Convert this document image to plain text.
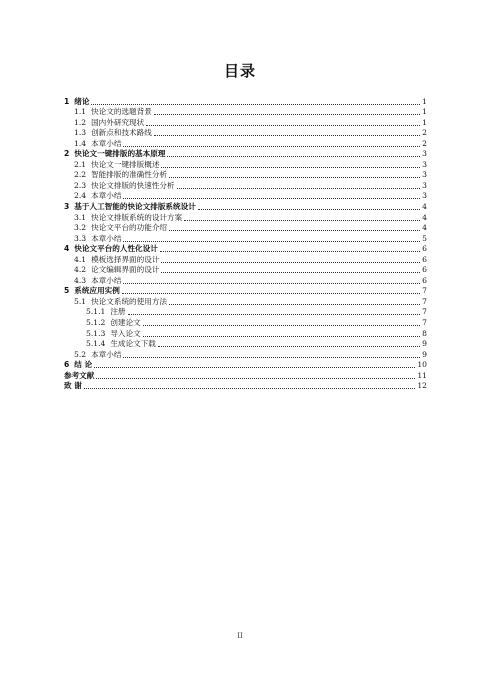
目录
1 绪论	1
1.1 快论文的选题背景	1
1.2 国内外研究现状	1
1.3 创新点和技术路线	2
1.4 本章小结	2
2 快论文一键排版的基本原理	3
2.1 快论文一键排版概述	3
2.2 智能排版的准确性分析	3
2.3 快论文排版的快速性分析	3
2.4 本章小结	3
3 基于人工智能的快论文排版系统设计	4
3.1 快论文排版系统的设计方案	4
3.2 快论文平台的功能介绍	4
3.3 本章小结	5
4 快论文平台的人性化设计	6
4.1 模板选择界面的设计	6
4.2 论文编辑界面的设计	6
4.3 本章小结	6
5 系统应用实例	7
5.1 快论文系统的使用方法	7
5.1.1 注册	7
5.1.2 创建论文	7
5.1.3 导入论文	8
5.1.4 生成论文下载	9
5.2 本章小结	9
6 结 论	10
参考文献	11
致 谢	12
II
